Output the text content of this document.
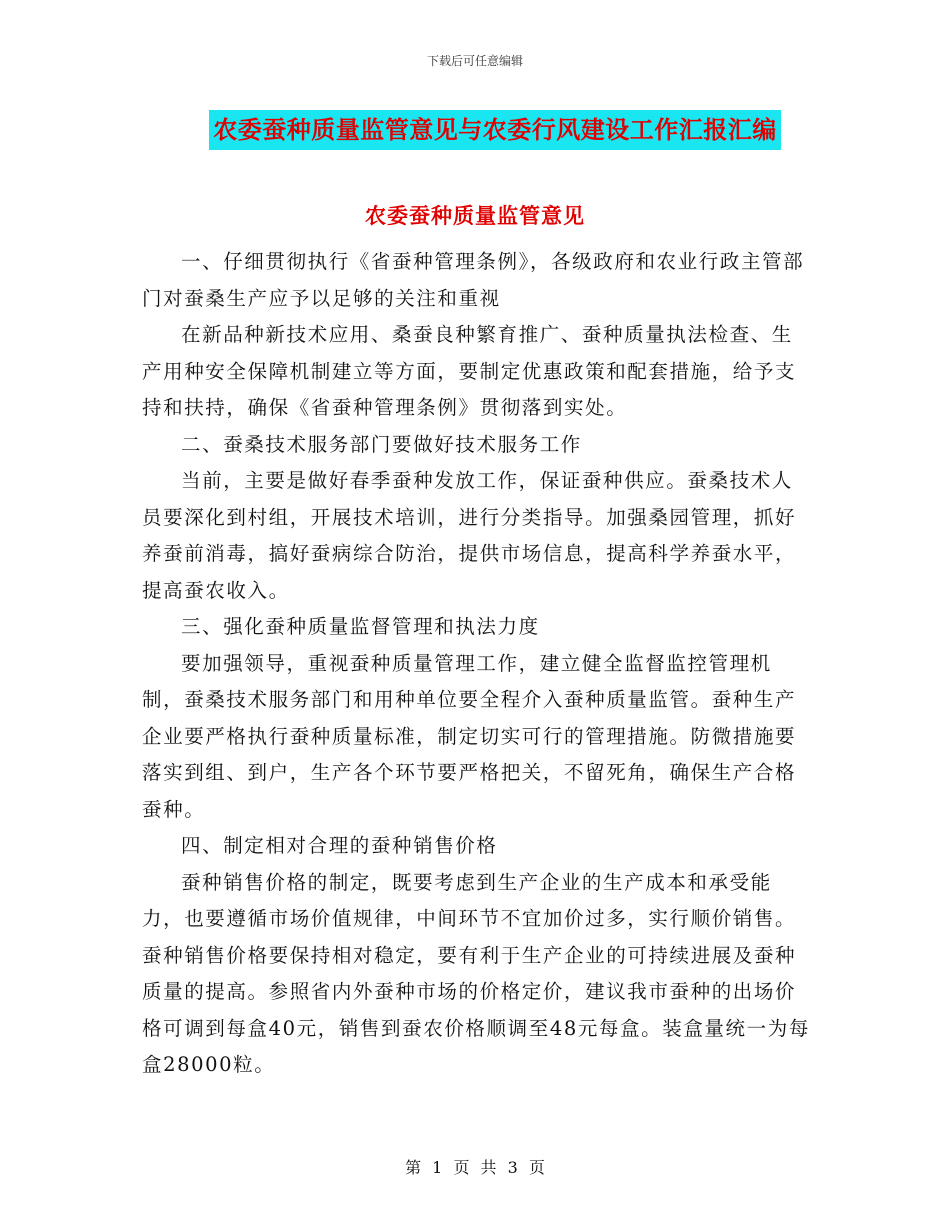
下载后可任意编辑
农委蚕种质量监管意见与农委行风建设工作汇报汇编
农委蚕种质量监管意见

一、仔细贯彻执行《省蚕种管理条例》，各级政府和农业行政主管部门对蚕桑生产应予以足够的关注和重视

在新品种新技术应用、桑蚕良种繁育推广、蚕种质量执法检查、生产用种安全保障机制建立等方面，要制定优惠政策和配套措施，给予支持和扶持，确保《省蚕种管理条例》贯彻落到实处。

二、蚕桑技术服务部门要做好技术服务工作

当前，主要是做好春季蚕种发放工作，保证蚕种供应。蚕桑技术人员要深化到村组，开展技术培训，进行分类指导。加强桑园管理，抓好养蚕前消毒，搞好蚕病综合防治，提供市场信息，提高科学养蚕水平，提高蚕农收入。

三、强化蚕种质量监督管理和执法力度

要加强领导，重视蚕种质量管理工作，建立健全监督监控管理机制，蚕桑技术服务部门和用种单位要全程介入蚕种质量监管。蚕种生产企业要严格执行蚕种质量标准，制定切实可行的管理措施。防微措施要落实到组、到户，生产各个环节要严格把关，不留死角，确保生产合格蚕种。

四、制定相对合理的蚕种销售价格

蚕种销售价格的制定，既要考虑到生产企业的生产成本和承受能力，也要遵循市场价值规律，中间环节不宜加价过多，实行顺价销售。蚕种销售价格要保持相对稳定，要有利于生产企业的可持续进展及蚕种质量的提高。参照省内外蚕种市场的价格定价，建议我市蚕种的出场价格可调到每盒40元，销售到蚕农价格顺调至48元每盒。装盒量统一为每盒28000粒。

第 1 页 共 3 页
